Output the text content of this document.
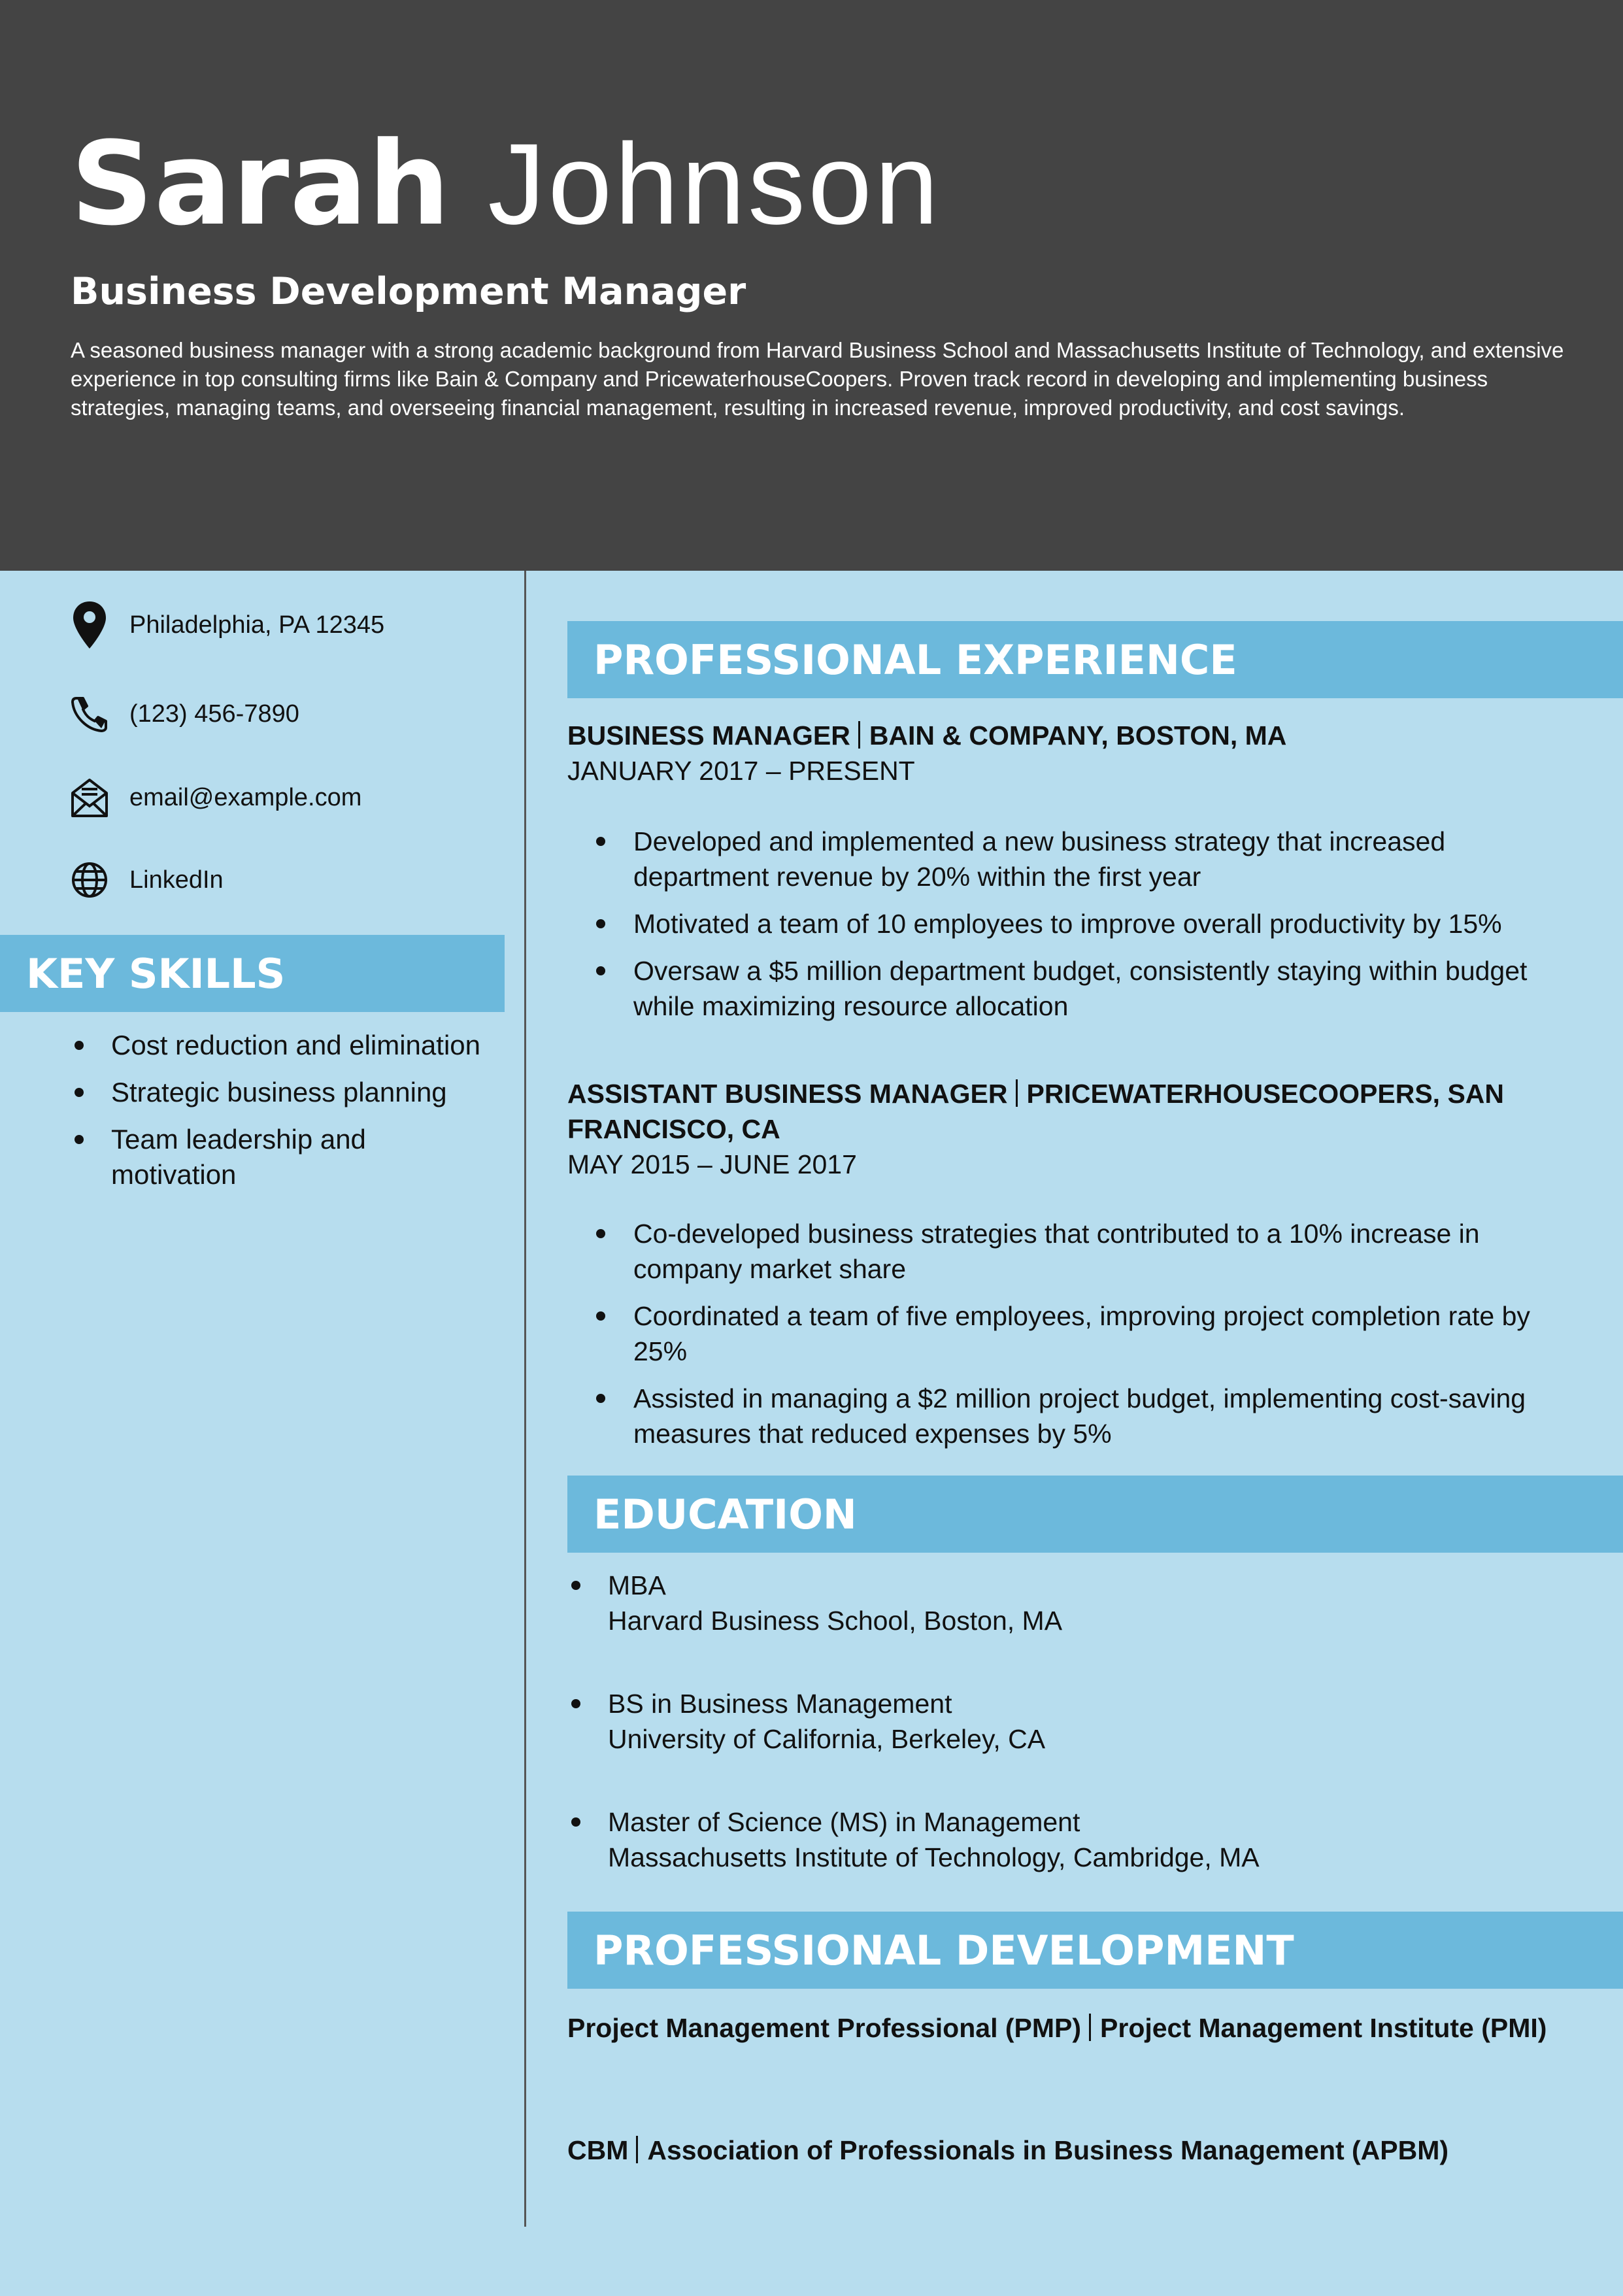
Sarah Johnson
Business Development Manager
A seasoned business manager with a strong academic background from Harvard Business School and Massachusetts Institute of Technology, and extensive experience in top consulting firms like Bain & Company and PricewaterhouseCoopers. Proven track record in developing and implementing business strategies, managing teams, and overseeing financial management, resulting in increased revenue, improved productivity, and cost savings.
Philadelphia, PA 12345
(123) 456-7890
email@example.com
LinkedIn
KEY SKILLS
Cost reduction and elimination
Strategic business planning
Team leadership and motivation
PROFESSIONAL EXPERIENCE
BUSINESS MANAGER BAIN & COMPANY, BOSTON, MA
JANUARY 2017 – PRESENT
Developed and implemented a new business strategy that increased department revenue by 20% within the first year
Motivated a team of 10 employees to improve overall productivity by 15%
Oversaw a $5 million department budget, consistently staying within budget while maximizing resource allocation
ASSISTANT BUSINESS MANAGER PRICEWATERHOUSECOOPERS, SAN FRANCISCO, CA
MAY 2015 – JUNE 2017
Co-developed business strategies that contributed to a 10% increase in company market share
Coordinated a team of five employees, improving project completion rate by 25%
Assisted in managing a $2 million project budget, implementing cost-saving measures that reduced expenses by 5%
EDUCATION
MBA
Harvard Business School, Boston, MA
BS in Business Management
University of California, Berkeley, CA
Master of Science (MS) in Management
Massachusetts Institute of Technology, Cambridge, MA
PROFESSIONAL DEVELOPMENT
Project Management Professional (PMP) Project Management Institute (PMI)
CBM Association of Professionals in Business Management (APBM)
